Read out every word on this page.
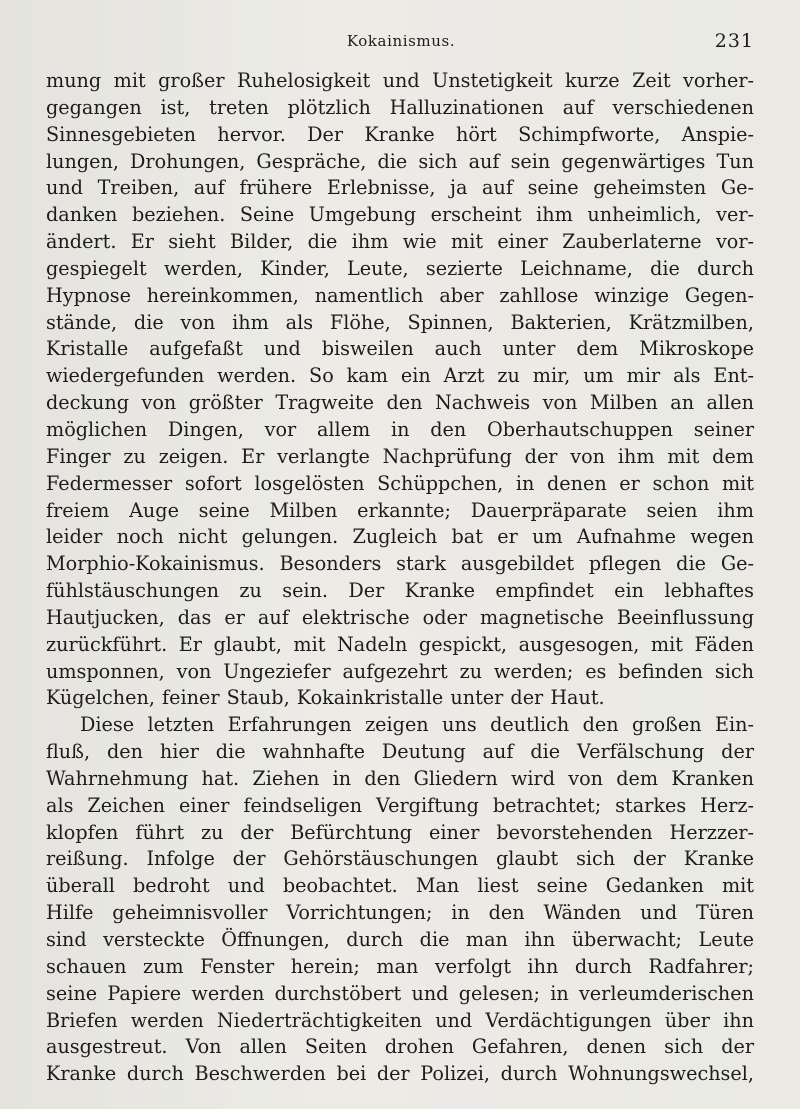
Kokainismus.	231
mung mit großer Ruhelosigkeit und Unstetigkeit kurze Zeit vorher-
gegangen ist, treten plötzlich Halluzinationen auf verschiedenen
Sinnesgebieten hervor. Der Kranke hört Schimpfworte, Anspie-
lungen, Drohungen, Gespräche, die sich auf sein gegenwärtiges Tun
und Treiben, auf frühere Erlebnisse, ja auf seine geheimsten Ge-
danken beziehen. Seine Umgebung erscheint ihm unheimlich, ver-
ändert. Er sieht Bilder, die ihm wie mit einer Zauberlaterne vor-
gespiegelt werden, Kinder, Leute, sezierte Leichname, die durch
Hypnose hereinkommen, namentlich aber zahllose winzige Gegen-
stände, die von ihm als Flöhe, Spinnen, Bakterien, Krätzmilben,
Kristalle aufgefaßt und bisweilen auch unter dem Mikroskope
wiedergefunden werden. So kam ein Arzt zu mir, um mir als Ent-
deckung von größter Tragweite den Nachweis von Milben an allen
möglichen Dingen, vor allem in den Oberhautschuppen seiner
Finger zu zeigen. Er verlangte Nachprüfung der von ihm mit dem
Federmesser sofort losgelösten Schüppchen, in denen er schon mit
freiem Auge seine Milben erkannte; Dauerpräparate seien ihm
leider noch nicht gelungen. Zugleich bat er um Aufnahme wegen
Morphio-Kokainismus. Besonders stark ausgebildet pflegen die Ge-
fühlstäuschungen zu sein. Der Kranke empfindet ein lebhaftes
Hautjucken, das er auf elektrische oder magnetische Beeinflussung
zurückführt. Er glaubt, mit Nadeln gespickt, ausgesogen, mit Fäden
umsponnen, von Ungeziefer aufgezehrt zu werden; es befinden sich
Kügelchen, feiner Staub, Kokainkristalle unter der Haut.
Diese letzten Erfahrungen zeigen uns deutlich den großen Ein-
fluß, den hier die wahnhafte Deutung auf die Verfälschung der
Wahrnehmung hat. Ziehen in den Gliedern wird von dem Kranken
als Zeichen einer feindseligen Vergiftung betrachtet; starkes Herz-
klopfen führt zu der Befürchtung einer bevorstehenden Herzzer-
reißung. Infolge der Gehörstäuschungen glaubt sich der Kranke
überall bedroht und beobachtet. Man liest seine Gedanken mit
Hilfe geheimnisvoller Vorrichtungen; in den Wänden und Türen
sind versteckte Öffnungen, durch die man ihn überwacht; Leute
schauen zum Fenster herein; man verfolgt ihn durch Radfahrer;
seine Papiere werden durchstöbert und gelesen; in verleumderischen
Briefen werden Niederträchtigkeiten und Verdächtigungen über ihn
ausgestreut. Von allen Seiten drohen Gefahren, denen sich der
Kranke durch Beschwerden bei der Polizei, durch Wohnungswechsel,
